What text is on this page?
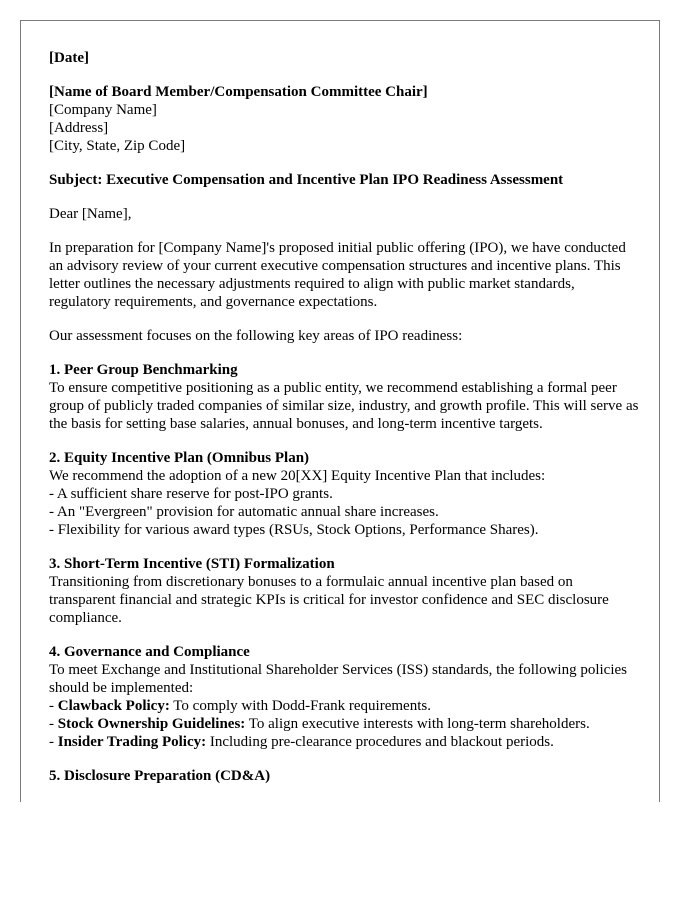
[Date]

[Name of Board Member/Compensation Committee Chair]
[Company Name]
[Address]
[City, State, Zip Code]

Subject: Executive Compensation and Incentive Plan IPO Readiness Assessment

Dear [Name],

In preparation for [Company Name]'s proposed initial public offering (IPO), we have conducted an advisory review of your current executive compensation structures and incentive plans. This letter outlines the necessary adjustments required to align with public market standards, regulatory requirements, and governance expectations.

Our assessment focuses on the following key areas of IPO readiness:

1. Peer Group Benchmarking
To ensure competitive positioning as a public entity, we recommend establishing a formal peer group of publicly traded companies of similar size, industry, and growth profile. This will serve as the basis for setting base salaries, annual bonuses, and long-term incentive targets.

2. Equity Incentive Plan (Omnibus Plan)
We recommend the adoption of a new 20[XX] Equity Incentive Plan that includes:
- A sufficient share reserve for post-IPO grants.
- An "Evergreen" provision for automatic annual share increases.
- Flexibility for various award types (RSUs, Stock Options, Performance Shares).

3. Short-Term Incentive (STI) Formalization
Transitioning from discretionary bonuses to a formulaic annual incentive plan based on transparent financial and strategic KPIs is critical for investor confidence and SEC disclosure compliance.

4. Governance and Compliance
To meet Exchange and Institutional Shareholder Services (ISS) standards, the following policies should be implemented:
- Clawback Policy: To comply with Dodd-Frank requirements.
- Stock Ownership Guidelines: To align executive interests with long-term shareholders.
- Insider Trading Policy: Including pre-clearance procedures and blackout periods.

5. Disclosure Preparation (CD&A)
